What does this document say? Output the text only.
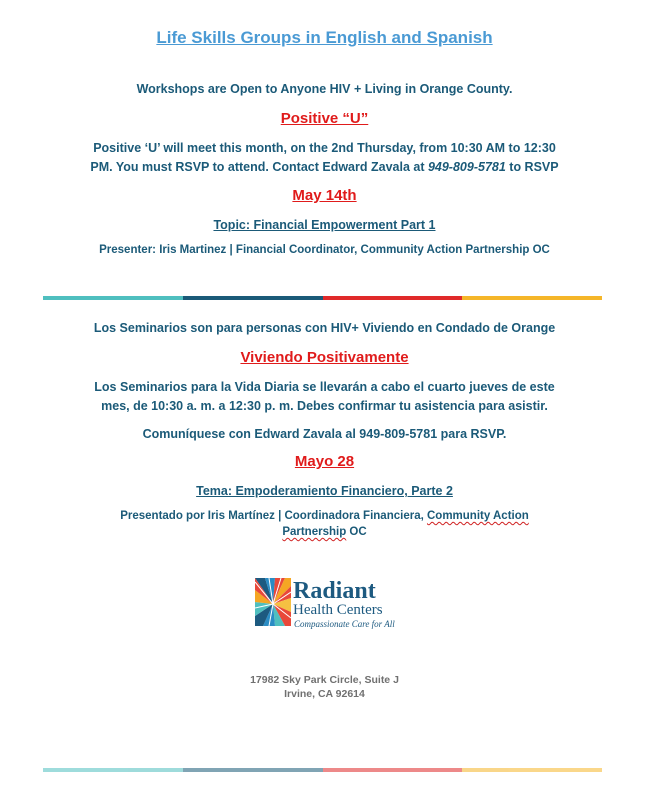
Life Skills Groups in English and Spanish
Workshops are Open to Anyone HIV + Living in Orange County.
Positive “U”
Positive ‘U’ will meet this month, on the 2nd Thursday, from 10:30 AM to 12:30
PM. You must RSVP to attend. Contact Edward Zavala at 949-809-5781 to RSVP
May 14th
Topic: Financial Empowerment Part 1
Presenter: Iris Martinez | Financial Coordinator, Community Action Partnership OC
Los Seminarios son para personas con HIV+ Viviendo en Condado de Orange
Viviendo Positivamente
Los Seminarios para la Vida Diaria se llevarán a cabo el cuarto jueves de este
mes, de 10:30 a. m. a 12:30 p. m. Debes confirmar tu asistencia para asistir.
Comuníquese con Edward Zavala al 949-809-5781 para RSVP.
Mayo 28
Tema: Empoderamiento Financiero, Parte 2
Presentado por Iris Martínez | Coordinadora Financiera, Community Action
Partnership OC
Radiant
Health Centers
Compassionate Care for All
17982 Sky Park Circle, Suite J
Irvine, CA 92614
